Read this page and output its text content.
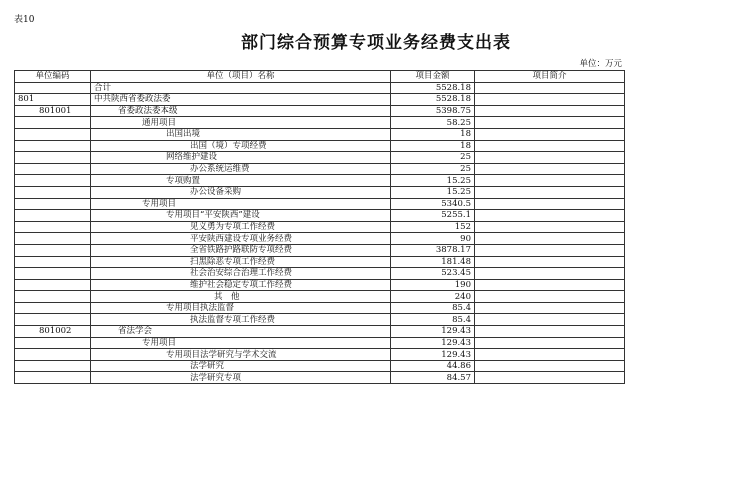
表10
部门综合预算专项业务经费支出表
单位：万元
单位编码	单位（项目）名称	项目金额	项目简介
	合计	5528.18	
801	中共陕西省委政法委	5528.18	
801001	省委政法委本级	5398.75	
	通用项目	58.25	
	出国出境	18	
	出国（境）专项经费	18	
	网络维护建设	25	
	办公系统运维费	25	
	专项购置	15.25	
	办公设备采购	15.25	
	专用项目	5340.5	
	专用项目“平安陕西”建设	5255.1	
	见义勇为专项工作经费	152	
	平安陕西建设专项业务经费	90	
	全省铁路护路联防专项经费	3878.17	
	扫黑除恶专项工作经费	181.48	
	社会治安综合治理工作经费	523.45	
	维护社会稳定专项工作经费	190	
	其　他	240	
	专用项目执法监督	85.4	
	执法监督专项工作经费	85.4	
801002	省法学会	129.43	
	专用项目	129.43	
	专用项目法学研究与学术交流	129.43	
	法学研究	44.86	
	法学研究专项	84.57	
